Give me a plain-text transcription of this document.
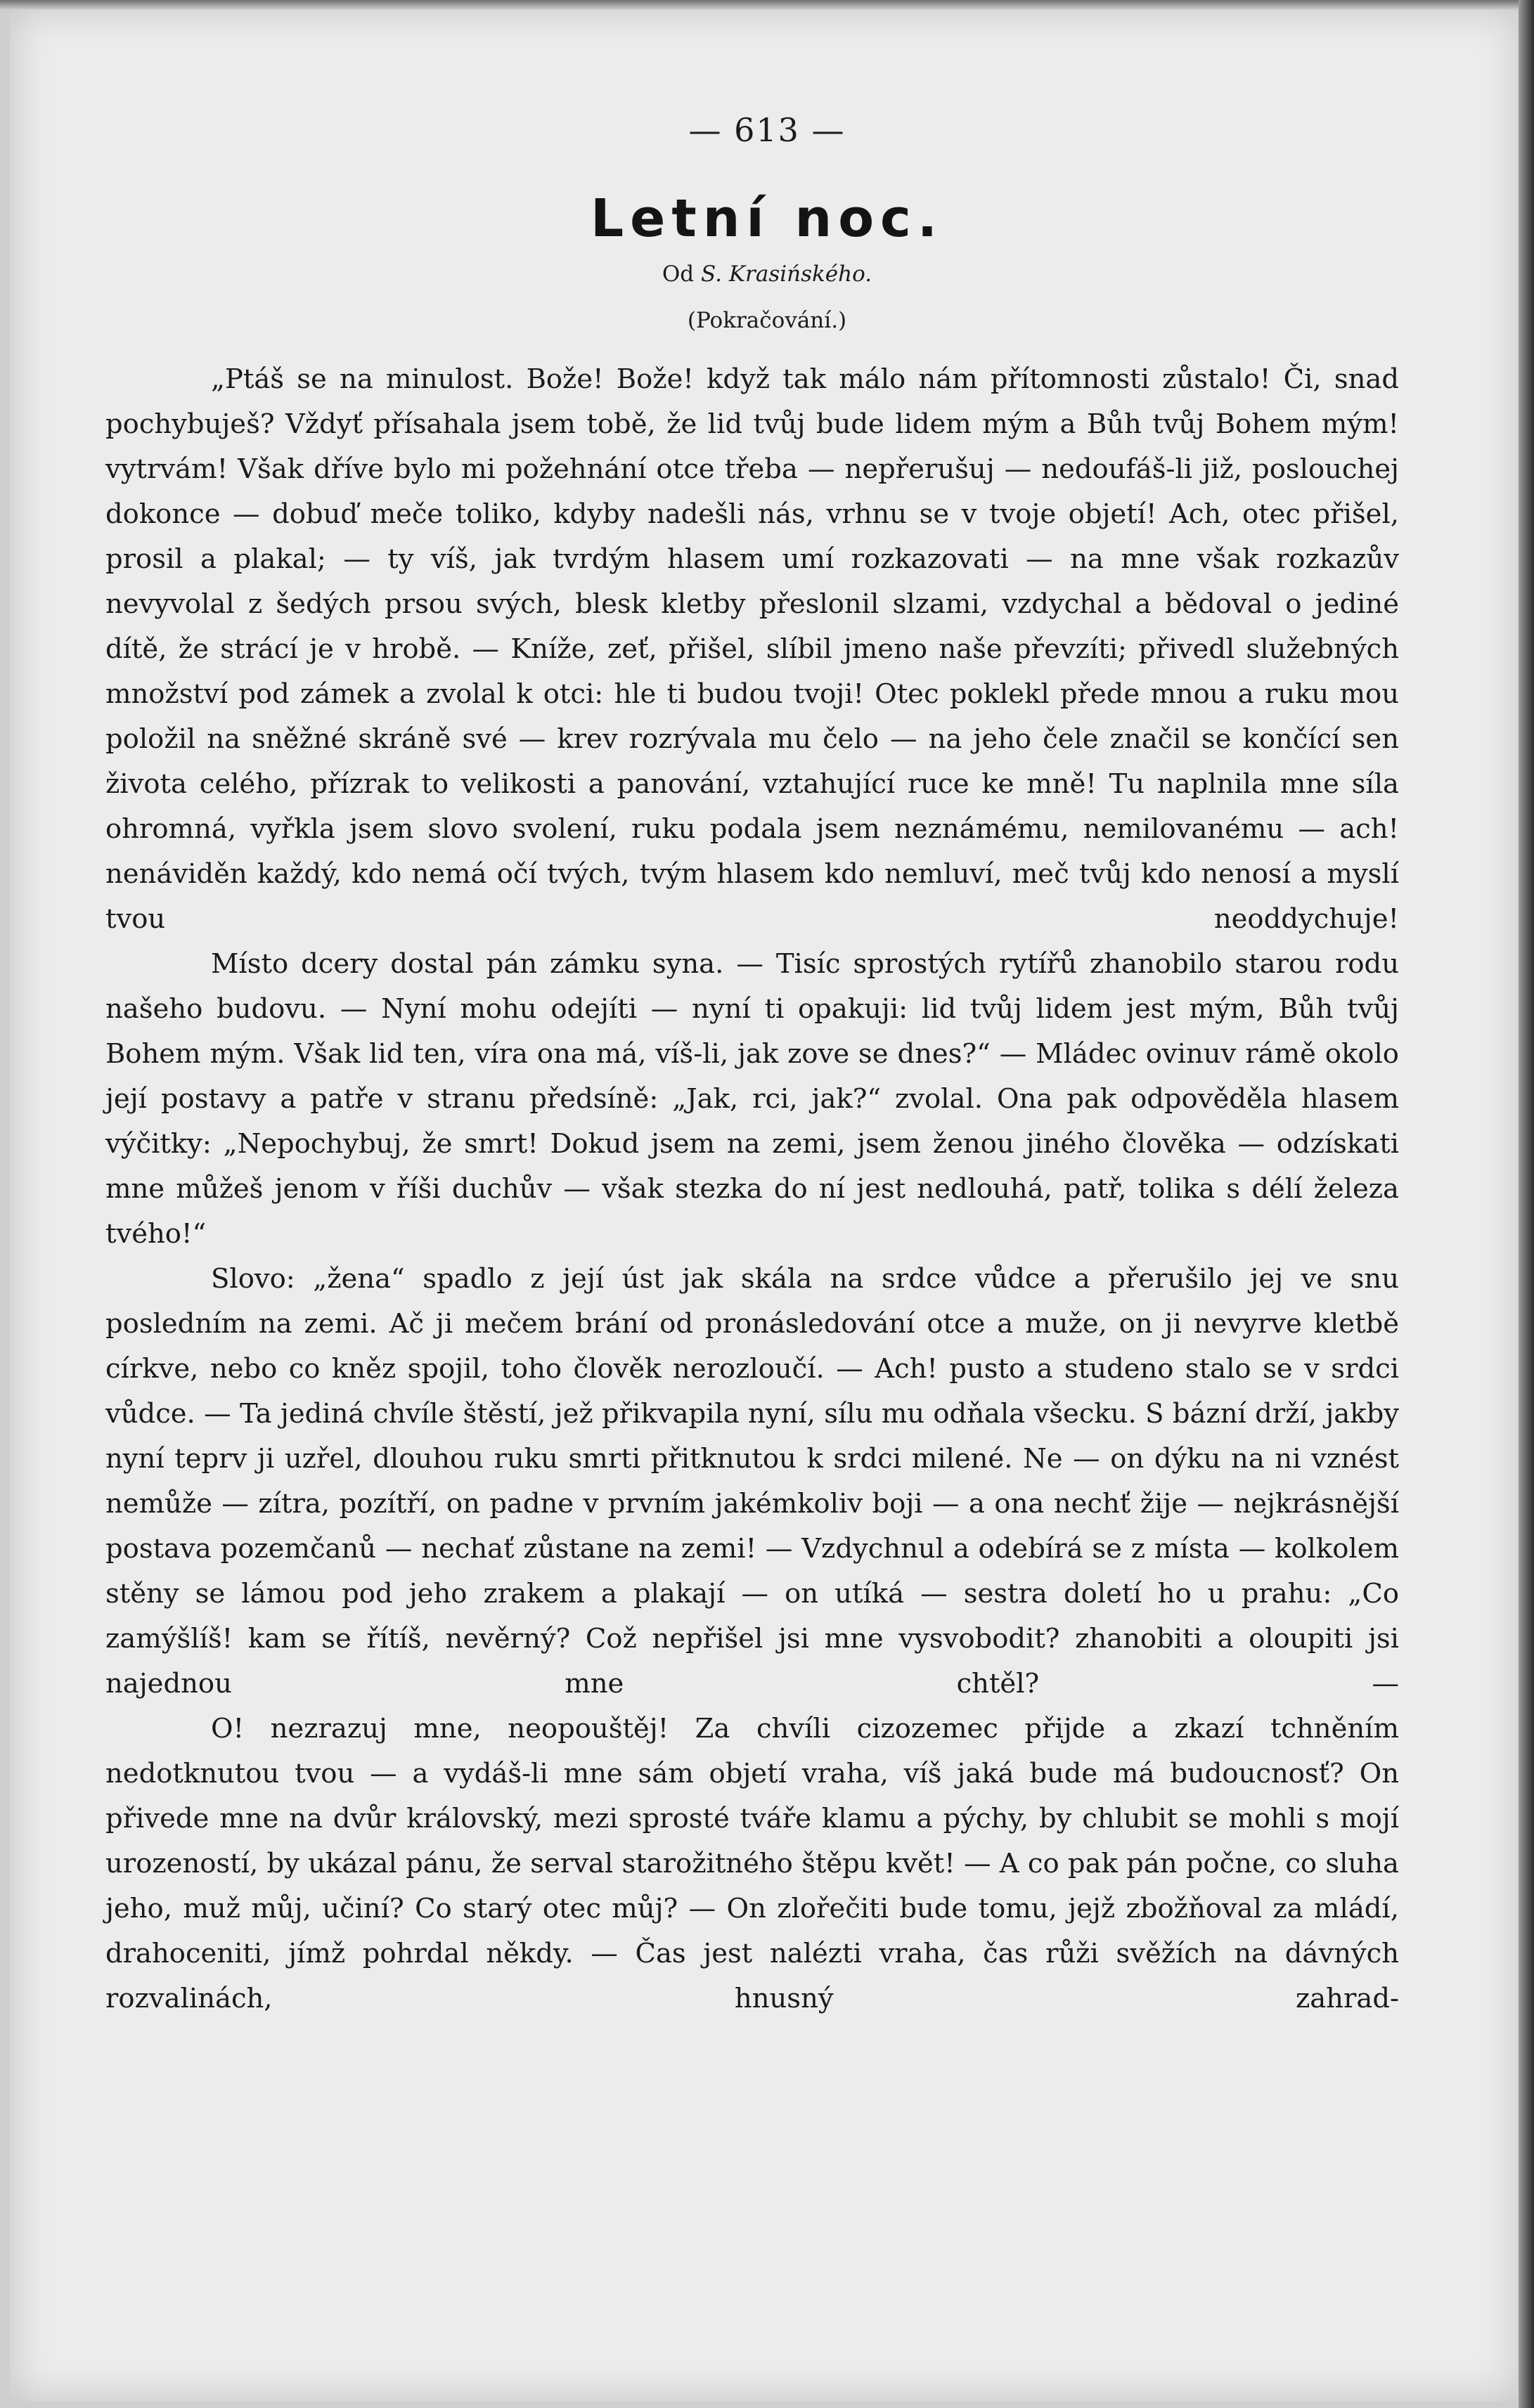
— 613 —
Letní noc.
Od S. Krasińského.
(Pokračování.)

„Ptáš se na minulost. Bože! Bože! když tak málo nám přítomnosti zůstalo! Či, snad pochybuješ? Vždyť přísahala jsem tobě, že lid tvůj bude lidem mým a Bůh tvůj Bohem mým! vytrvám! Však dříve bylo mi požehnání otce třeba — nepřerušuj — nedoufáš-li již, poslouchej dokonce — dobuď meče toliko, kdyby nadešli nás, vrhnu se v tvoje objetí! Ach, otec přišel, prosil a plakal; — ty víš, jak tvrdým hlasem umí rozkazovati — na mne však rozkazův nevyvolal z šedých prsou svých, blesk kletby přeslonil slzami, vzdychal a bědoval o jediné dítě, že strácí je v hrobě. — Kníže, zeť, přišel, slíbil jmeno naše převzíti; přivedl služebných množství pod zámek a zvolal k otci: hle ti budou tvoji! Otec poklekl přede mnou a ruku mou položil na sněžné skráně své — krev rozrývala mu čelo — na jeho čele značil se končící sen života celého, přízrak to velikosti a panování, vztahující ruce ke mně! Tu naplnila mne síla ohromná, vyřkla jsem slovo svolení, ruku podala jsem neznámému, nemilovanému — ach! nenáviděn každý, kdo nemá očí tvých, tvým hlasem kdo nemluví, meč tvůj kdo nenosí a myslí tvou neoddychuje!

Místo dcery dostal pán zámku syna. — Tisíc sprostých rytířů zhanobilo starou rodu našeho budovu. — Nyní mohu odejíti — nyní ti opakuji: lid tvůj lidem jest mým, Bůh tvůj Bohem mým. Však lid ten, víra ona má, víš-li, jak zove se dnes?“ — Mládec ovinuv rámě okolo její postavy a patře v stranu předsíně: „Jak, rci, jak?“ zvolal. Ona pak odpověděla hlasem výčitky: „Nepochybuj, že smrt! Dokud jsem na zemi, jsem ženou jiného člověka — odzískati mne můžeš jenom v říši duchův — však stezka do ní jest nedlouhá, patř, tolika s délí železa tvého!“

Slovo: „žena“ spadlo z její úst jak skála na srdce vůdce a přerušilo jej ve snu posledním na zemi. Ač ji mečem brání od pronásledování otce a muže, on ji nevyrve kletbě církve, nebo co kněz spojil, toho člověk nerozloučí. — Ach! pusto a studeno stalo se v srdci vůdce. — Ta jediná chvíle štěstí, jež přikvapila nyní, sílu mu odňala všecku. S bázní drží, jakby nyní teprv ji uzřel, dlouhou ruku smrti přitknutou k srdci milené. Ne — on dýku na ni vznést nemůže — zítra, pozítří, on padne v prvním jakémkoliv boji — a ona nechť žije — nejkrásnější postava pozemčanů — nechať zůstane na zemi! — Vzdychnul a odebírá se z místa — kolkolem stěny se lámou pod jeho zrakem a plakají — on utíká — sestra doletí ho u prahu: „Co zamýšlíš! kam se řítíš, nevěrný? Což nepřišel jsi mne vysvobodit? zhanobiti a oloupiti jsi najednou mne chtěl? —

O! nezrazuj mne, neopouštěj! Za chvíli cizozemec přijde a zkazí tchněním nedotknutou tvou — a vydáš-li mne sám objetí vraha, víš jaká bude má budoucnosť? On přivede mne na dvůr královský, mezi sprosté tváře klamu a pýchy, by chlubit se mohli s mojí urozeností, by ukázal pánu, že serval starožitného štěpu květ! — A co pak pán počne, co sluha jeho, muž můj, učiní? Co starý otec můj? — On zlořečiti bude tomu, jejž zbožňoval za mládí, drahoceniti, jímž pohrdal někdy. — Čas jest nalézti vraha, čas růži svěžích na dávných rozvalinách, hnusný zahrad-
